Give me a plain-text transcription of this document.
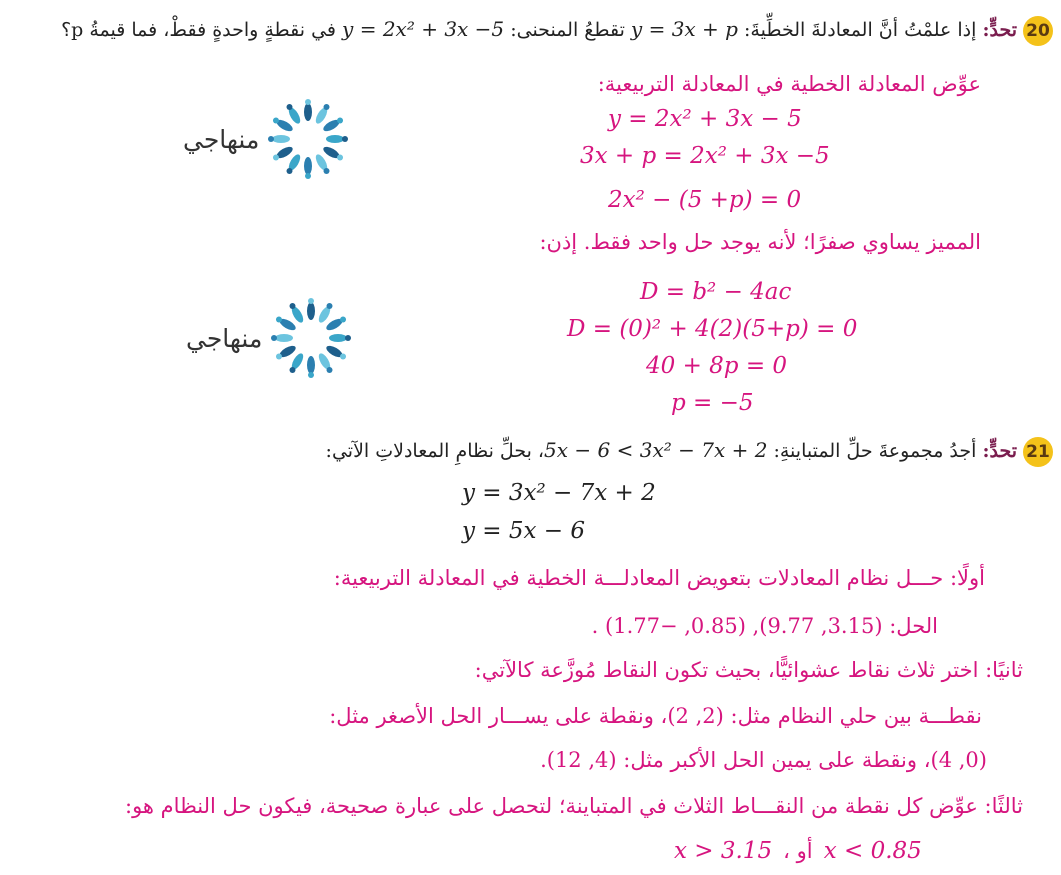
20تحدٍّ: إذا علمْتُ أنَّ المعادلةَ الخطِّيةَ: y = 3x + p تقطعُ المنحنى: y = 2x² + 3x −5 في نقطةٍ واحدةٍ فقطْ، فما قيمةُ p؟
عوِّض المعادلة الخطية في المعادلة التربيعية:
y = 2x² + 3x − 5
3x + p = 2x² + 3x −5
2x² − (5 +p) = 0
المميز يساوي صفرًا؛ لأنه يوجد حل واحد فقط. إذن:
D = b² − 4ac
D = (0)² + 4(2)(5+p) = 0
40 + 8p = 0
p = −5
منهاجي
منهاجي
21تحدٍّ: أجدُ مجموعةَ حلِّ المتباينةِ: 5x − 6 < 3x² − 7x + 2، بحلِّ نظامِ المعادلاتِ الآتي:
y = 3x² − 7x + 2
y = 5x − 6
أولًا: حـــل نظام المعادلات بتعويض المعادلـــة الخطية في المعادلة التربيعية:
الحل: (3.15, 9.77), (0.85, −1.77) .
ثانيًا: اختر ثلاث نقاط عشوائيًّا، بحيث تكون النقاط مُوزَّعة كالآتي:
نقطـــة بين حلي النظام مثل: (2, 2)، ونقطة على يســـار الحل الأصغر مثل:
(0, 4)، ونقطة على يمين الحل الأكبر مثل: (4, 12).
ثالثًا: عوِّض كل نقطة من النقـــاط الثلاث في المتباينة؛ لتحصل على عبارة صحيحة، فيكون حل النظام هو:
x > 3.15 ، أو x < 0.85
